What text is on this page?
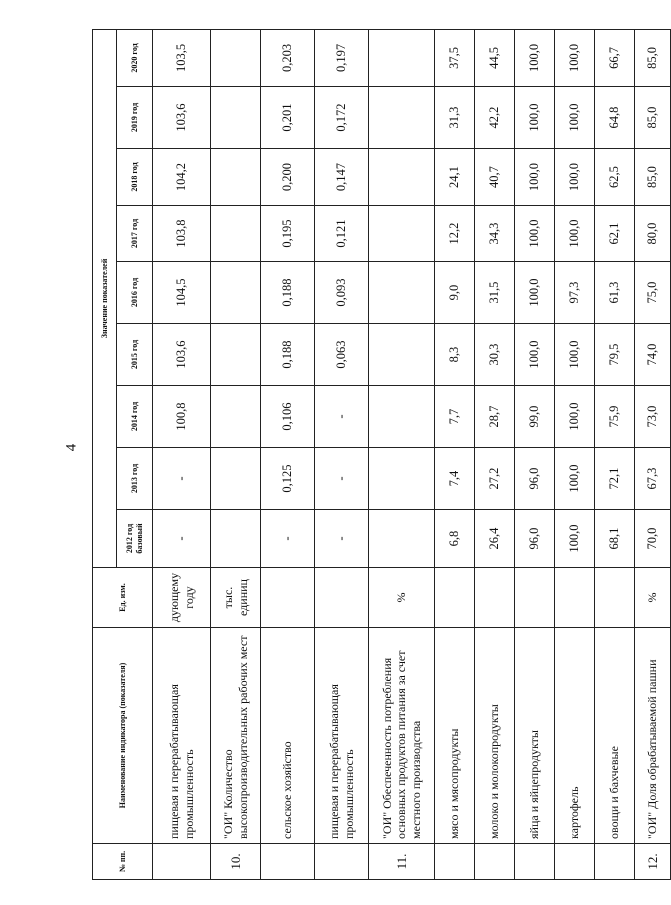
4
№ пп.	Наименование индикатора (показателя)	Ед. изм.	Значение показателей								
			2012 год базовый	2013 год	2014 год	2015 год	2016 год	2017 год	2018 год	2019 год	2020 год
	пищевая и перерабатывающая промышленность	дующему году	-	-	100,8	103,6	104,5	103,8	104,2	103,6	103,5
10.	"ОИ" Количество высокопроизводительных рабочих мест	тыс. единиц									
	сельское хозяйство		-	0,125	0,106	0,188	0,188	0,195	0,200	0,201	0,203
	пищевая и перерабатывающая промышленность		-	-	-	0,063	0,093	0,121	0,147	0,172	0,197
11.	"ОИ" Обеспеченность потребления основных продуктов питания за счет местного производства	%									
	мясо и мясопродукты		6,8	7,4	7,7	8,3	9,0	12,2	24,1	31,3	37,5
	молоко и молокопродукты		26,4	27,2	28,7	30,3	31,5	34,3	40,7	42,2	44,5
	яйца и яйцепродукты		96,0	96,0	99,0	100,0	100,0	100,0	100,0	100,0	100,0
	картофель		100,0	100,0	100,0	100,0	97,3	100,0	100,0	100,0	100,0
	овощи и бахчевые		68,1	72,1	75,9	79,5	61,3	62,1	62,5	64,8	66,7
12.	"ОИ" Доля обрабатываемой пашни	%	70,0	67,3	73,0	74,0	75,0	80,0	85,0	85,0	85,0
